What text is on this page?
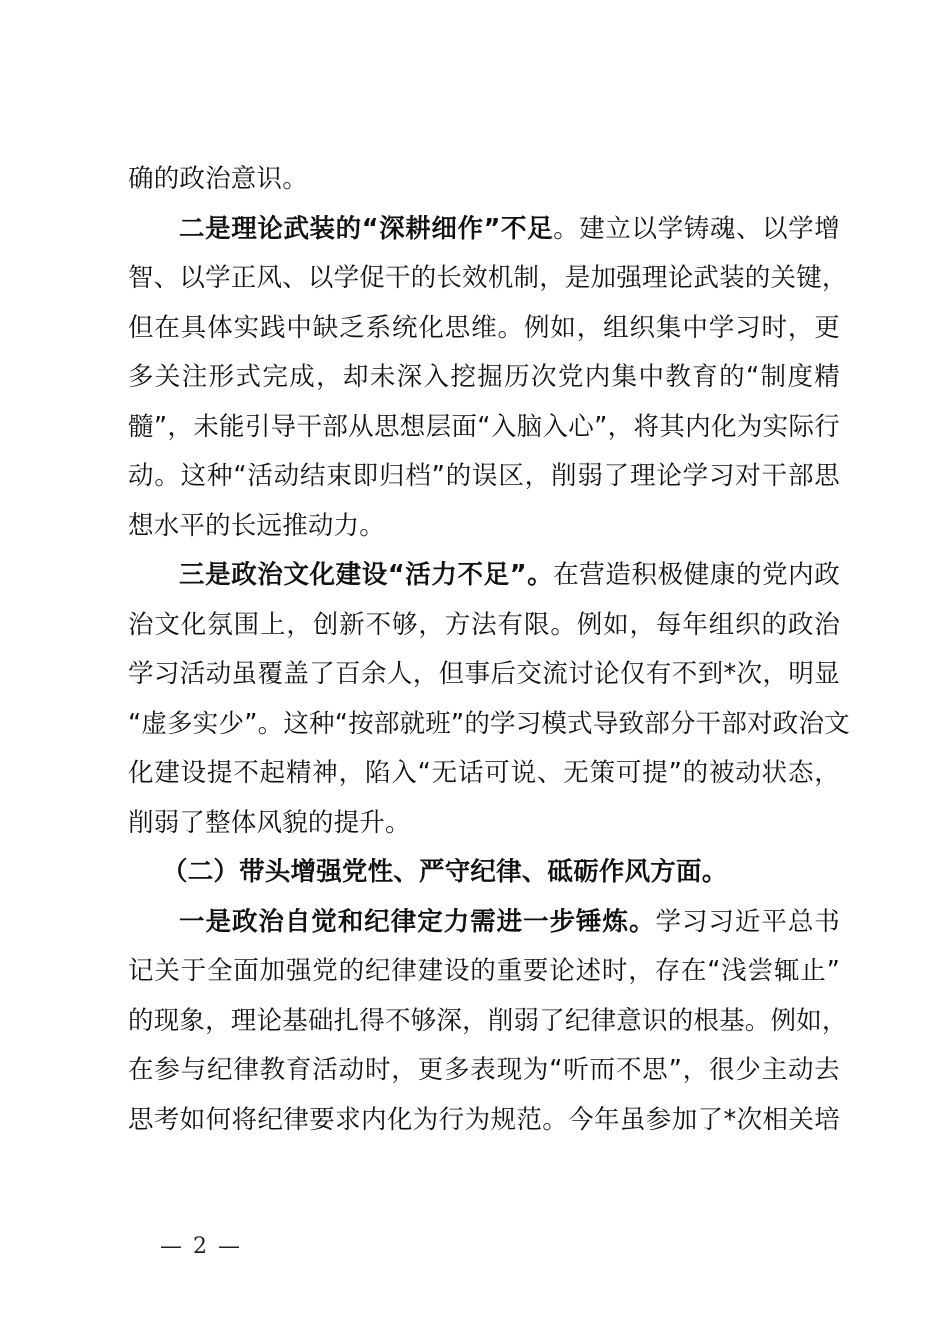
确的政治意识。
二是理论武装的“深耕细作”不足。建立以学铸魂、以学增
智、以学正风、以学促干的长效机制，是加强理论武装的关键，
但在具体实践中缺乏系统化思维。例如，组织集中学习时，更
多关注形式完成，却未深入挖掘历次党内集中教育的“制度精
髓”，未能引导干部从思想层面“入脑入心”，将其内化为实际行
动。这种“活动结束即归档”的误区，削弱了理论学习对干部思
想水平的长远推动力。
三是政治文化建设“活力不足”。在营造积极健康的党内政
治文化氛围上，创新不够，方法有限。例如，每年组织的政治
学习活动虽覆盖了百余人，但事后交流讨论仅有不到*次，明显
“虚多实少”。这种“按部就班”的学习模式导致部分干部对政治文
化建设提不起精神，陷入“无话可说、无策可提”的被动状态，
削弱了整体风貌的提升。
（二）带头增强党性、严守纪律、砥砺作风方面。
一是政治自觉和纪律定力需进一步锤炼。学习习近平总书
记关于全面加强党的纪律建设的重要论述时，存在“浅尝辄止”
的现象，理论基础扎得不够深，削弱了纪律意识的根基。例如，
在参与纪律教育活动时，更多表现为“听而不思”，很少主动去
思考如何将纪律要求内化为行为规范。今年虽参加了*次相关培
— 2 —
